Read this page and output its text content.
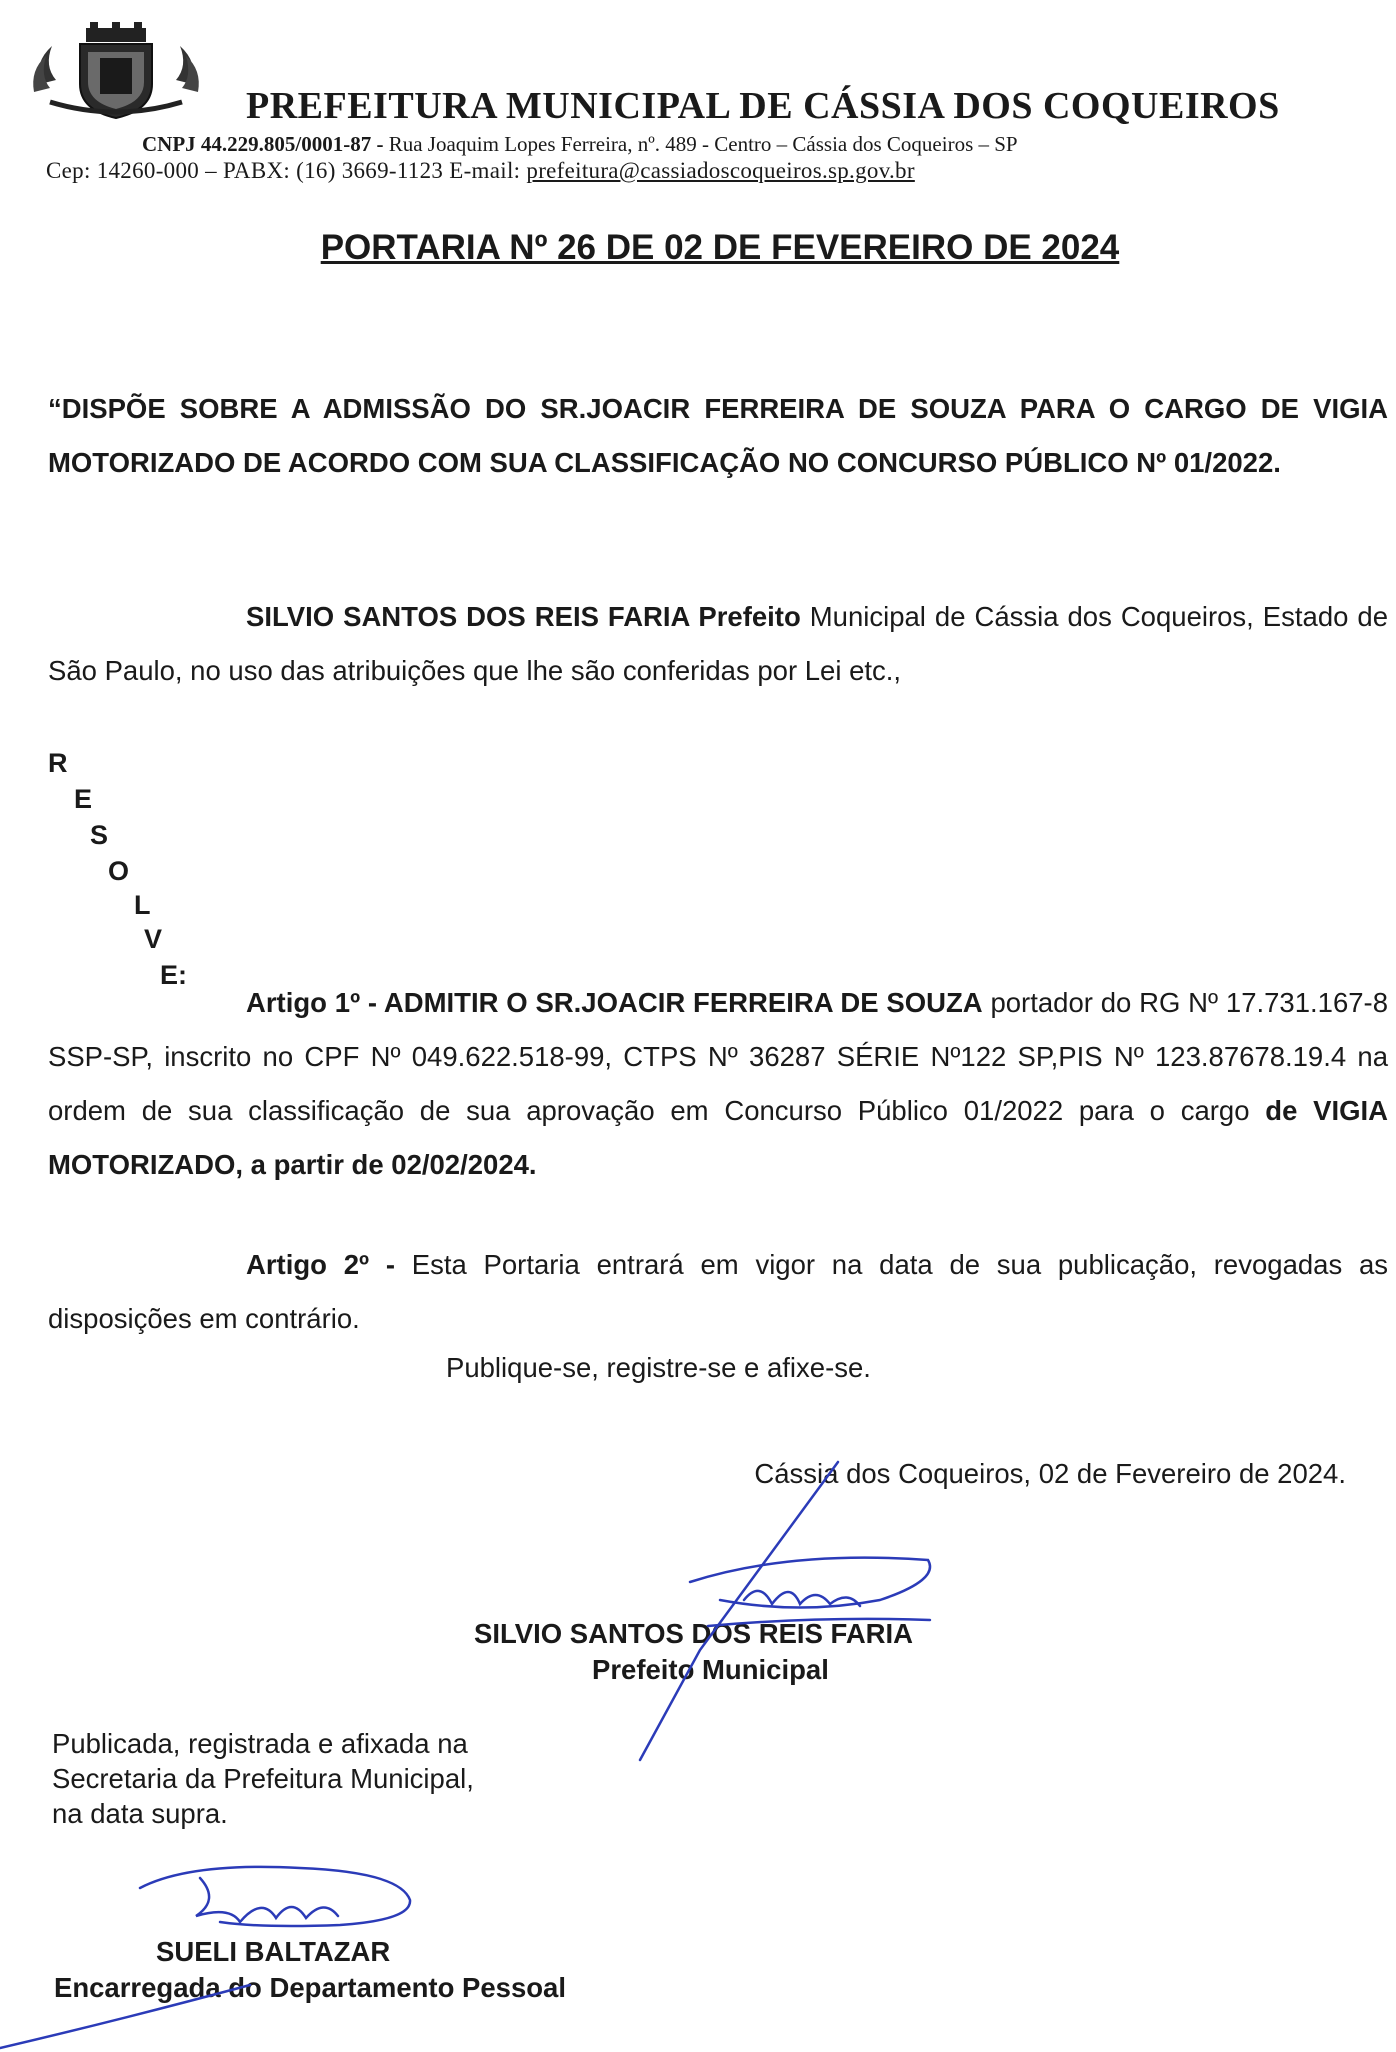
PREFEITURA MUNICIPAL DE CÁSSIA DOS COQUEIROS
CNPJ 44.229.805/0001-87 - Rua Joaquim Lopes Ferreira, nº. 489 - Centro – Cássia dos Coqueiros – SP
Cep: 14260-000 – PABX: (16) 3669-1123 E-mail: prefeitura@cassiadoscoqueiros.sp.gov.br
PORTARIA Nº 26 DE 02 DE FEVEREIRO DE 2024
“DISPÕE SOBRE A ADMISSÃO DO SR.JOACIR FERREIRA DE SOUZA PARA O CARGO DE VIGIA MOTORIZADO DE ACORDO COM SUA CLASSIFICAÇÃO NO CONCURSO PÚBLICO Nº 01/2022.
SILVIO SANTOS DOS REIS FARIA Prefeito Municipal de Cássia dos Coqueiros, Estado de São Paulo, no uso das atribuições que lhe são conferidas por Lei etc.,
R
E
S
O
L
V
E:
Artigo 1º - ADMITIR O SR.JOACIR FERREIRA DE SOUZA portador do RG Nº 17.731.167-8 SSP-SP, inscrito no CPF Nº 049.622.518-99, CTPS Nº 36287 SÉRIE Nº122 SP,PIS Nº 123.87678.19.4 na ordem de sua classificação de sua aprovação em Concurso Público 01/2022 para o cargo de VIGIA MOTORIZADO, a partir de 02/02/2024.
Artigo 2º - Esta Portaria entrará em vigor na data de sua publicação, revogadas as disposições em contrário.
Publique-se, registre-se e afixe-se.
Cássia dos Coqueiros, 02 de Fevereiro de 2024.
SILVIO SANTOS DOS REIS FARIA
Prefeito Municipal
Publicada, registrada e afixada na
Secretaria da Prefeitura Municipal,
na data supra.
SUELI BALTAZAR
Encarregada do Departamento Pessoal
